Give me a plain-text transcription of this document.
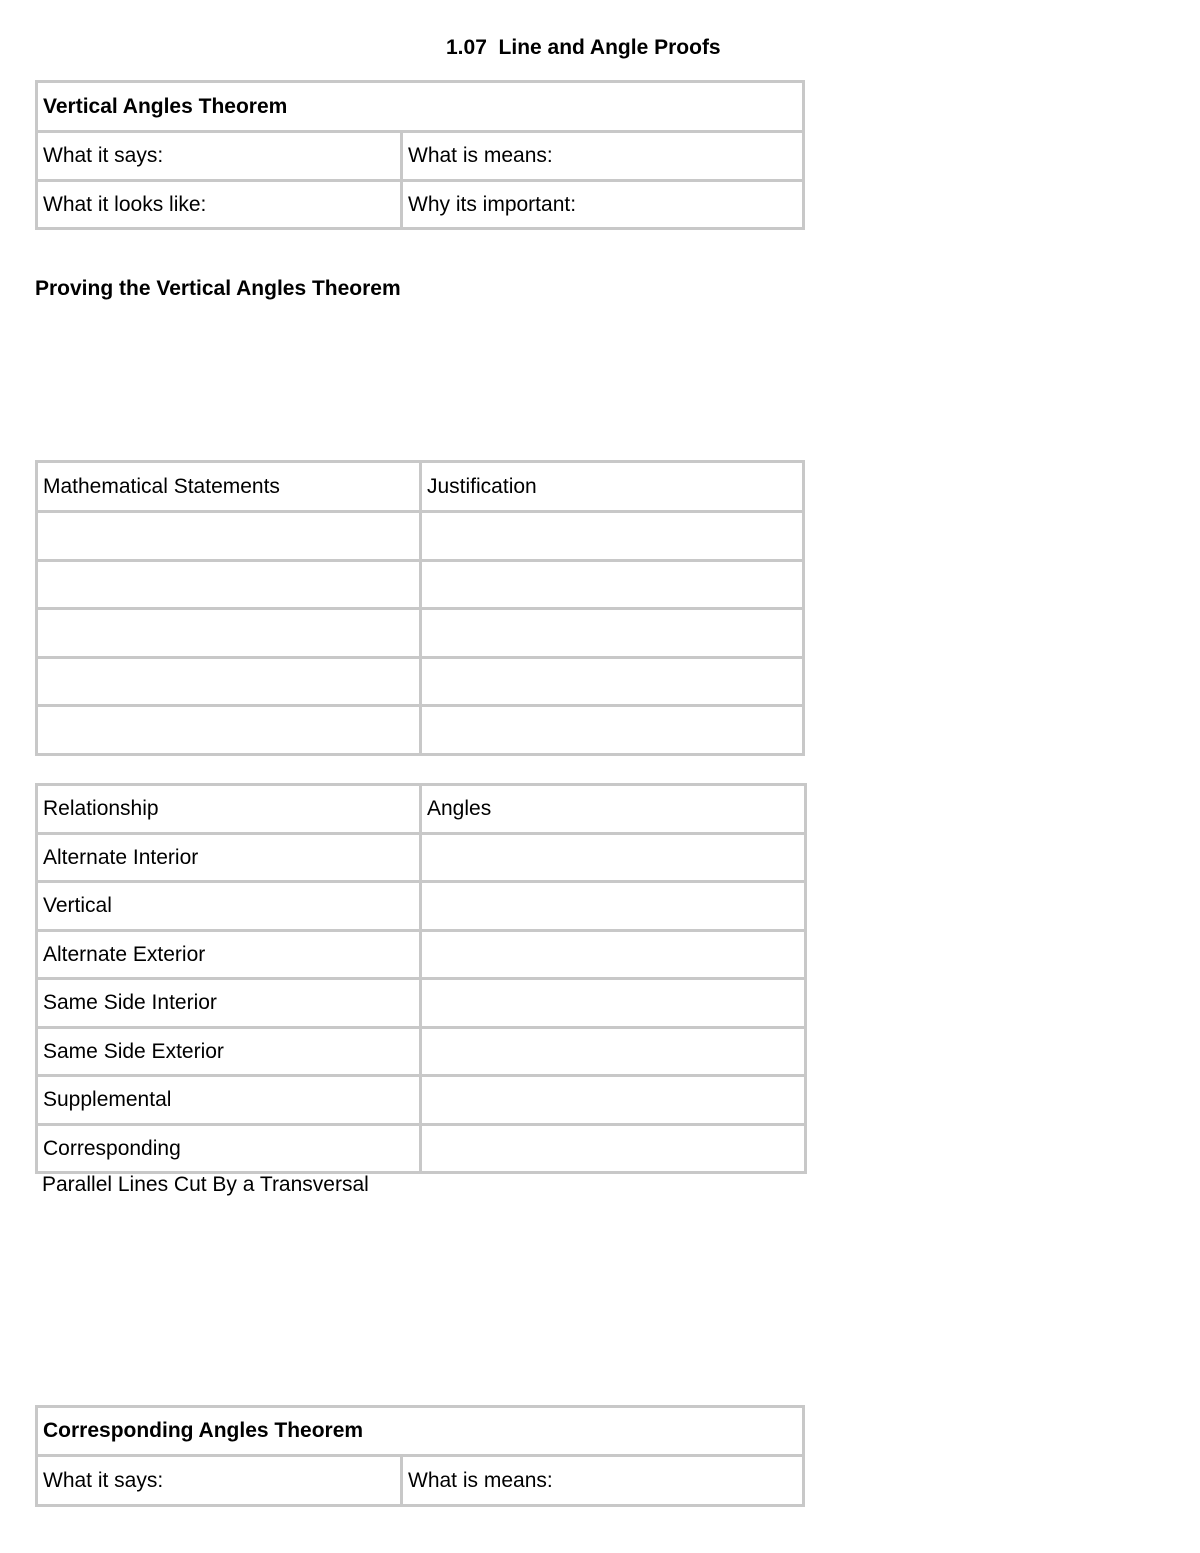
1.07  Line and Angle Proofs
Vertical Angles Theorem	
What it says:	What is means:
What it looks like:	Why its important:
Proving the Vertical Angles Theorem
Mathematical Statements	Justification

Relationship	Angles
Alternate Interior	
Vertical	
Alternate Exterior	
Same Side Interior	
Same Side Exterior	
Supplemental	
Corresponding	
Parallel Lines Cut By a Transversal
Corresponding Angles Theorem
What it says:	What is means:
